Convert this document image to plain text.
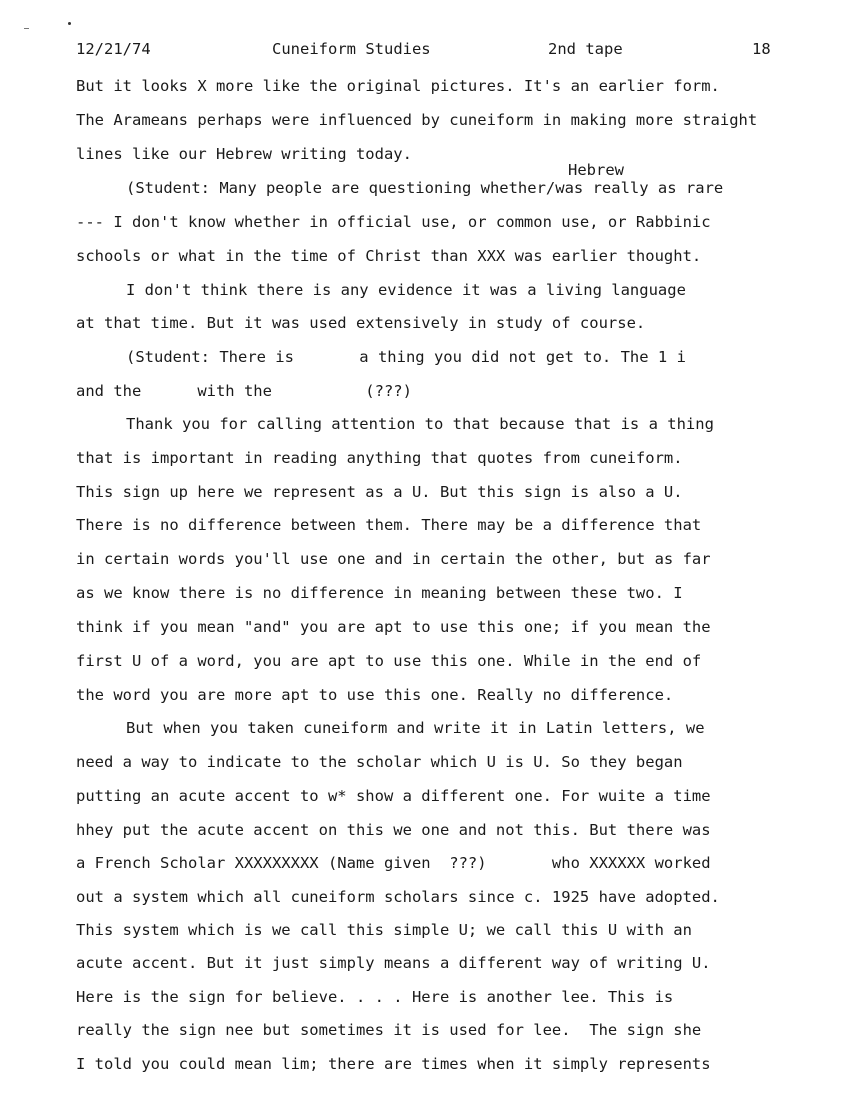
12/21/74	Cuneiform Studies	2nd tape	18
But it looks X more like the original pictures. It's an earlier form.
The Arameans perhaps were influenced by cuneiform in making more straight
lines like our Hebrew writing today.
Hebrew
(Student: Many people are questioning whether/was really as rare
--- I don't know whether in official use, or common use, or Rabbinic
schools or what in the time of Christ than XXX was earlier thought.
I don't think there is any evidence it was a living language
at that time. But it was used extensively in study of course.
(Student: There is       a thing you did not get to. The 1 i
and the      with the          (???)
Thank you for calling attention to that because that is a thing
that is important in reading anything that quotes from cuneiform.
This sign up here we represent as a U. But this sign is also a U.
There is no difference between them. There may be a difference that
in certain words you'll use one and in certain the other, but as far
as we know there is no difference in meaning between these two. I
think if you mean "and" you are apt to use this one; if you mean the
first U of a word, you are apt to use this one. While in the end of
the word you are more apt to use this one. Really no difference.
But when you taken cuneiform and write it in Latin letters, we
need a way to indicate to the scholar which U is U. So they began
putting an acute accent to w* show a different one. For wuite a time
hhey put the acute accent on this we one and not this. But there was
a French Scholar XXXXXXXXX (Name given  ???)       who XXXXXX worked
out a system which all cuneiform scholars since c. 1925 have adopted.
This system which is we call this simple U; we call this U with an
acute accent. But it just simply means a different way of writing U.
Here is the sign for believe. . . . Here is another lee. This is
really the sign nee but sometimes it is used for lee.  The sign she
I told you could mean lim; there are times when it simply represents
